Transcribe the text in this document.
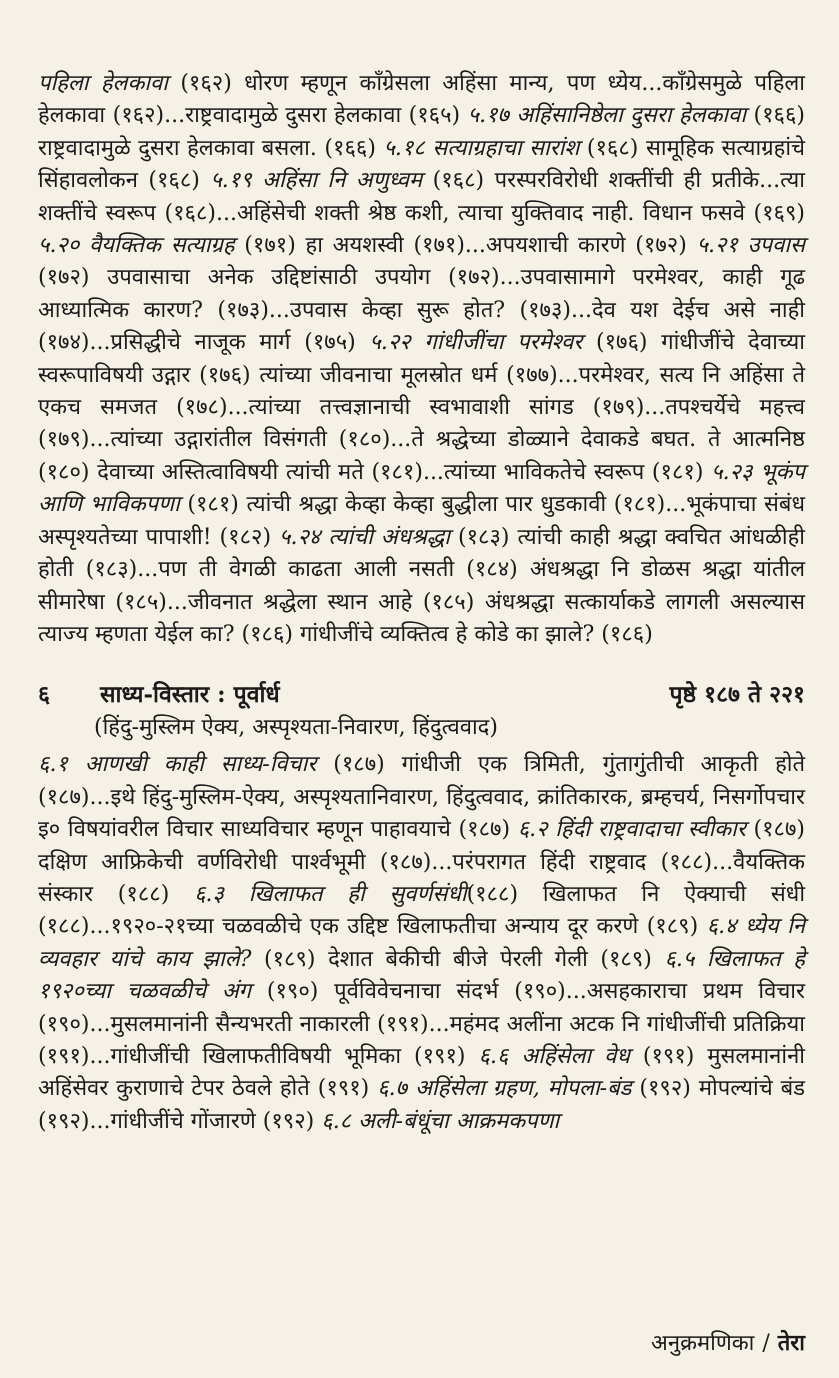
पहिला हेलकावा (१६२) धोरण म्हणून काँग्रेसला अहिंसा मान्य, पण ध्येय...काँग्रेसमुळे पहिला हेलकावा (१६२)...राष्ट्रवादामुळे दुसरा हेलकावा (१६५) ५.१७ अहिंसानिष्ठेला दुसरा हेलकावा (१६६) राष्ट्रवादामुळे दुसरा हेलकावा बसला. (१६६) ५.१८ सत्याग्रहाचा सारांश (१६८) सामूहिक सत्याग्रहांचे सिंहावलोकन (१६८) ५.१९ अहिंसा नि अणुध्वम (१६८) परस्परविरोधी शक्तींची ही प्रतीके...त्या शक्तींचे स्वरूप (१६८)...अहिंसेची शक्ती श्रेष्ठ कशी, त्याचा युक्तिवाद नाही. विधान फसवे (१६९) ५.२० वैयक्तिक सत्याग्रह (१७१) हा अयशस्वी (१७१)...अपयशाची कारणे (१७२) ५.२१ उपवास (१७२) उपवासाचा अनेक उद्दिष्टांसाठी उपयोग (१७२)...उपवासामागे परमेश्वर, काही गूढ आध्यात्मिक कारण? (१७३)...उपवास केव्हा सुरू होत? (१७३)...देव यश देईच असे नाही (१७४)...प्रसिद्धीचे नाजूक मार्ग (१७५) ५.२२ गांधीजींचा परमेश्वर (१७६) गांधीजींचे देवाच्या स्वरूपाविषयी उद्गार (१७६) त्यांच्या जीवनाचा मूलस्रोत धर्म (१७७)...परमेश्वर, सत्य नि अहिंसा ते एकच समजत (१७८)...त्यांच्या तत्त्वज्ञानाची स्वभावाशी सांगड (१७९)...तपश्चर्येचे महत्त्व (१७९)...त्यांच्या उद्गारांतील विसंगती (१८०)...ते श्रद्धेच्या डोळ्याने देवाकडे बघत. ते आत्मनिष्ठ (१८०) देवाच्या अस्तित्वाविषयी त्यांची मते (१८१)...त्यांच्या भाविकतेचे स्वरूप (१८१) ५.२३ भूकंप आणि भाविकपणा (१८१) त्यांची श्रद्धा केव्हा केव्हा बुद्धीला पार धुडकावी (१८१)...भूकंपाचा संबंध अस्पृश्यतेच्या पापाशी! (१८२) ५.२४ त्यांची अंधश्रद्धा (१८३) त्यांची काही श्रद्धा क्वचित आंधळीही होती (१८३)...पण ती वेगळी काढता आली नसती (१८४) अंधश्रद्धा नि डोळस श्रद्धा यांतील सीमारेषा (१८५)...जीवनात श्रद्धेला स्थान आहे (१८५) अंधश्रद्धा सत्कार्याकडे लागली असल्यास त्याज्य म्हणता येईल का? (१८६) गांधीजींचे व्यक्तित्व हे कोडे का झाले? (१८६)

६ साध्य-विस्तार : पूर्वार्ध	पृष्ठे १८७ ते २२१
(हिंदु-मुस्लिम ऐक्य, अस्पृश्यता-निवारण, हिंदुत्ववाद)

६.१ आणखी काही साध्य-विचार (१८७) गांधीजी एक त्रिमिती, गुंतागुंतीची आकृती होते (१८७)...इथे हिंदु-मुस्लिम-ऐक्य, अस्पृश्यतानिवारण, हिंदुत्ववाद, क्रांतिकारक, ब्रम्हचर्य, निसर्गोपचार इ० विषयांवरील विचार साध्यविचार म्हणून पाहावयाचे (१८७) ६.२ हिंदी राष्ट्रवादाचा स्वीकार (१८७) दक्षिण आफ्रिकेची वर्णविरोधी पार्श्वभूमी (१८७)...परंपरागत हिंदी राष्ट्रवाद (१८८)...वैयक्तिक संस्कार (१८८) ६.३ खिलाफत ही सुवर्णसंधी(१८८) खिलाफत नि ऐक्याची संधी (१८८)...१९२०-२१च्या चळवळीचे एक उद्दिष्ट खिलाफतीचा अन्याय दूर करणे (१८९) ६.४ ध्येय नि व्यवहार यांचे काय झाले? (१८९) देशात बेकीची बीजे पेरली गेली (१८९) ६.५ खिलाफत हे १९२०च्या चळवळीचे अंग (१९०) पूर्वविवेचनाचा संदर्भ (१९०)...असहकाराचा प्रथम विचार (१९०)...मुसलमानांनी सैन्यभरती नाकारली (१९१)...महंमद अलींना अटक नि गांधीजींची प्रतिक्रिया (१९१)...गांधीजींची खिलाफतीविषयी भूमिका (१९१) ६.६ अहिंसेला वेध (१९१) मुसलमानांनी अहिंसेवर कुराणाचे टेपर ठेवले होते (१९१) ६.७ अहिंसेला ग्रहण, मोपला-बंड (१९२) मोपल्यांचे बंड (१९२)...गांधीजींचे गोंजारणे (१९२) ६.८ अली-बंधूंचा आक्रमकपणा

अनुक्रमणिका / तेरा
